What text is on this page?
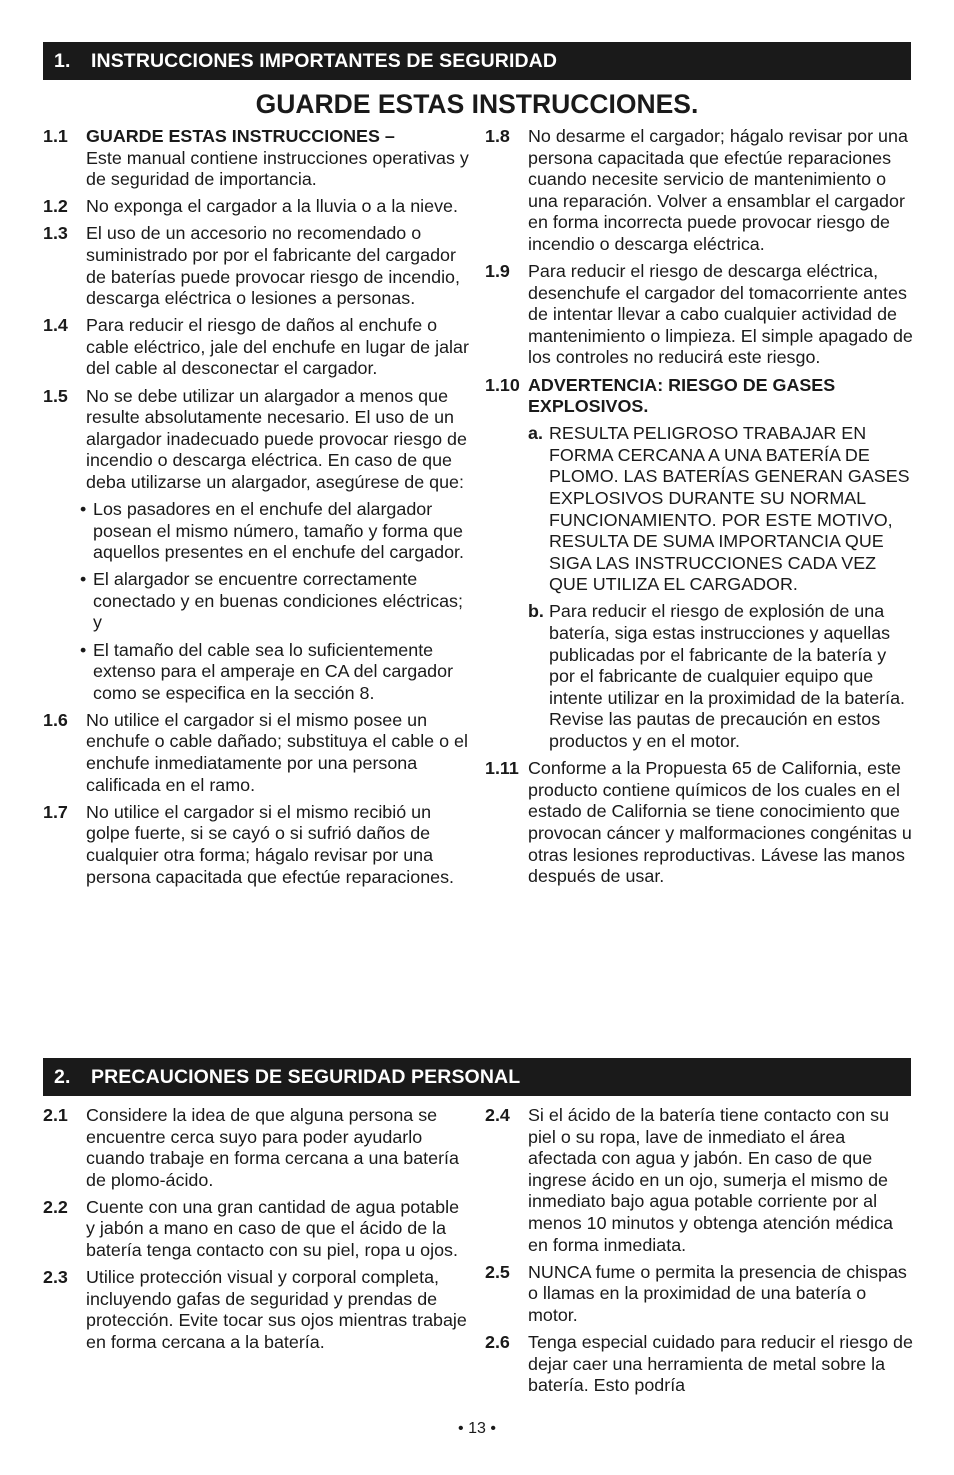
1. INSTRUCCIONES IMPORTANTES DE SEGURIDAD
GUARDE ESTAS INSTRUCCIONES.
1.1	GUARDE ESTAS INSTRUCCIONES –
Este manual contiene instrucciones operativas y de seguridad de importancia.
1.2	No exponga el cargador a la lluvia o a la nieve.
1.3	El uso de un accesorio no recomendado o suministrado por por el fabricante del cargador de baterías puede provocar riesgo de incendio, descarga eléctrica o lesiones a personas.
1.4	Para reducir el riesgo de daños al enchufe o cable eléctrico, jale del enchufe en lugar de jalar del cable al desconectar el cargador.
1.5	No se debe utilizar un alargador a menos que resulte absolutamente necesario. El uso de un alargador inadecuado puede provocar riesgo de incendio o descarga eléctrica. En caso de que deba utilizarse un alargador, asegúrese de que:
• Los pasadores en el enchufe del alargador posean el mismo número, tamaño y forma que aquellos presentes en el enchufe del cargador.
• El alargador se encuentre correctamente conectado y en buenas condiciones eléctricas; y
• El tamaño del cable sea lo suficientemente extenso para el amperaje en CA del cargador como se especifica en la sección 8.
1.6	No utilice el cargador si el mismo posee un enchufe o cable dañado; substituya el cable o el enchufe inmediatamente por una persona calificada en el ramo.
1.7	No utilice el cargador si el mismo recibió un golpe fuerte, si se cayó o si sufrió daños de cualquier otra forma; hágalo revisar por una persona capacitada que efectúe reparaciones.
1.8	No desarme el cargador; hágalo revisar por una persona capacitada que efectúe reparaciones cuando necesite servicio de mantenimiento o una reparación. Volver a ensamblar el cargador en forma incorrecta puede provocar riesgo de incendio o descarga eléctrica.
1.9	Para reducir el riesgo de descarga eléctrica, desenchufe el cargador del tomacorriente antes de intentar llevar a cabo cualquier actividad de mantenimiento o limpieza. El simple apagado de los controles no reducirá este riesgo.
1.10 ADVERTENCIA: RIESGO DE GASES EXPLOSIVOS.
a. RESULTA PELIGROSO TRABAJAR EN FORMA CERCANA A UNA BATERÍA DE PLOMO. LAS BATERÍAS GENERAN GASES EXPLOSIVOS DURANTE SU NORMAL FUNCIONAMIENTO. POR ESTE MOTIVO, RESULTA DE SUMA IMPORTANCIA QUE SIGA LAS INSTRUCCIONES CADA VEZ QUE UTILIZA EL CARGADOR.
b. Para reducir el riesgo de explosión de una batería, siga estas instrucciones y aquellas publicadas por el fabricante de la batería y por el fabricante de cualquier equipo que intente utilizar en la proximidad de la batería. Revise las pautas de precaución en estos productos y en el motor.
1.11 Conforme a la Propuesta 65 de California, este producto contiene químicos de los cuales en el estado de California se tiene conocimiento que provocan cáncer y malformaciones congénitas u otras lesiones reproductivas. Lávese las manos después de usar.
2. PRECAUCIONES DE SEGURIDAD PERSONAL
2.1	Considere la idea de que alguna persona se encuentre cerca suyo para poder ayudarlo cuando trabaje en forma cercana a una batería de plomo-ácido.
2.2	Cuente con una gran cantidad de agua potable y jabón a mano en caso de que el ácido de la batería tenga contacto con su piel, ropa u ojos.
2.3	Utilice protección visual y corporal completa, incluyendo gafas de seguridad y prendas de protección. Evite tocar sus ojos mientras trabaje en forma cercana a la batería.
2.4	Si el ácido de la batería tiene contacto con su piel o su ropa, lave de inmediato el área afectada con agua y jabón. En caso de que ingrese ácido en un ojo, sumerja el mismo de inmediato bajo agua potable corriente por al menos 10 minutos y obtenga atención médica en forma inmediata.
2.5	NUNCA fume o permita la presencia de chispas o llamas en la proximidad de una batería o motor.
2.6	Tenga especial cuidado para reducir el riesgo de dejar caer una herramienta de metal sobre la batería. Esto podría
• 13 •
